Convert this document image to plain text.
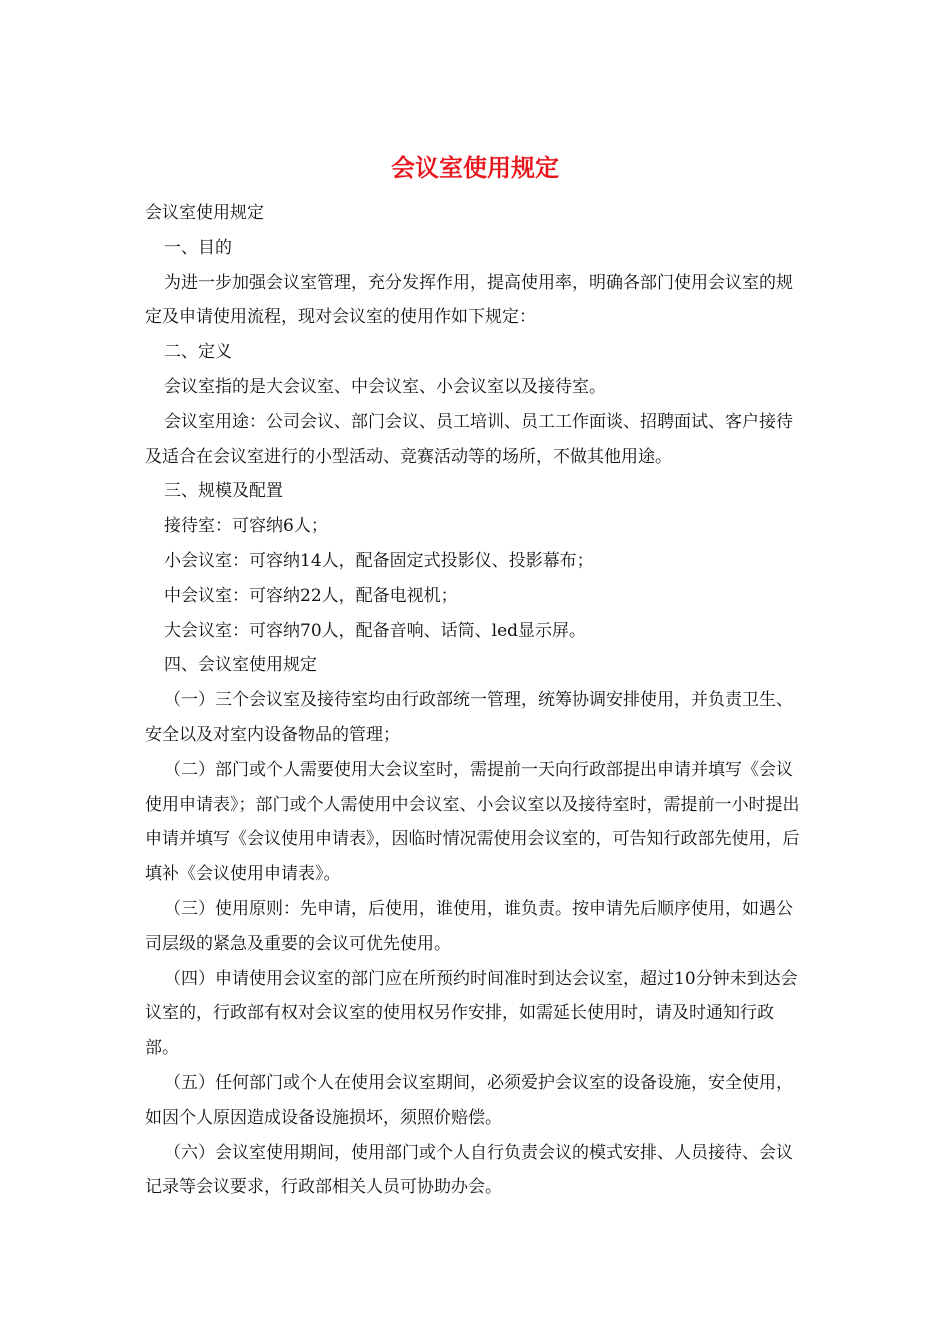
会议室使用规定

会议室使用规定

一、目的

为进一步加强会议室管理，充分发挥作用，提高使用率，明确各部门使用会议室的规定及申请使用流程，现对会议室的使用作如下规定：

二、定义

会议室指的是大会议室、中会议室、小会议室以及接待室。

会议室用途：公司会议、部门会议、员工培训、员工工作面谈、招聘面试、客户接待及适合在会议室进行的小型活动、竞赛活动等的场所，不做其他用途。

三、规模及配置

接待室：可容纳6人；

小会议室：可容纳14人，配备固定式投影仪、投影幕布；

中会议室：可容纳22人，配备电视机；

大会议室：可容纳70人，配备音响、话筒、led显示屏。

四、会议室使用规定

（一）三个会议室及接待室均由行政部统一管理，统筹协调安排使用，并负责卫生、安全以及对室内设备物品的管理；

（二）部门或个人需要使用大会议室时，需提前一天向行政部提出申请并填写《会议使用申请表》；部门或个人需使用中会议室、小会议室以及接待室时，需提前一小时提出申请并填写《会议使用申请表》，因临时情况需使用会议室的，可告知行政部先使用，后填补《会议使用申请表》。

（三）使用原则：先申请，后使用，谁使用，谁负责。按申请先后顺序使用，如遇公司层级的紧急及重要的会议可优先使用。

（四）申请使用会议室的部门应在所预约时间准时到达会议室，超过10分钟未到达会议室的，行政部有权对会议室的使用权另作安排，如需延长使用时，请及时通知行政部。

（五）任何部门或个人在使用会议室期间，必须爱护会议室的设备设施，安全使用，如因个人原因造成设备设施损坏，须照价赔偿。

（六）会议室使用期间，使用部门或个人自行负责会议的模式安排、人员接待、会议记录等会议要求，行政部相关人员可协助办会。
